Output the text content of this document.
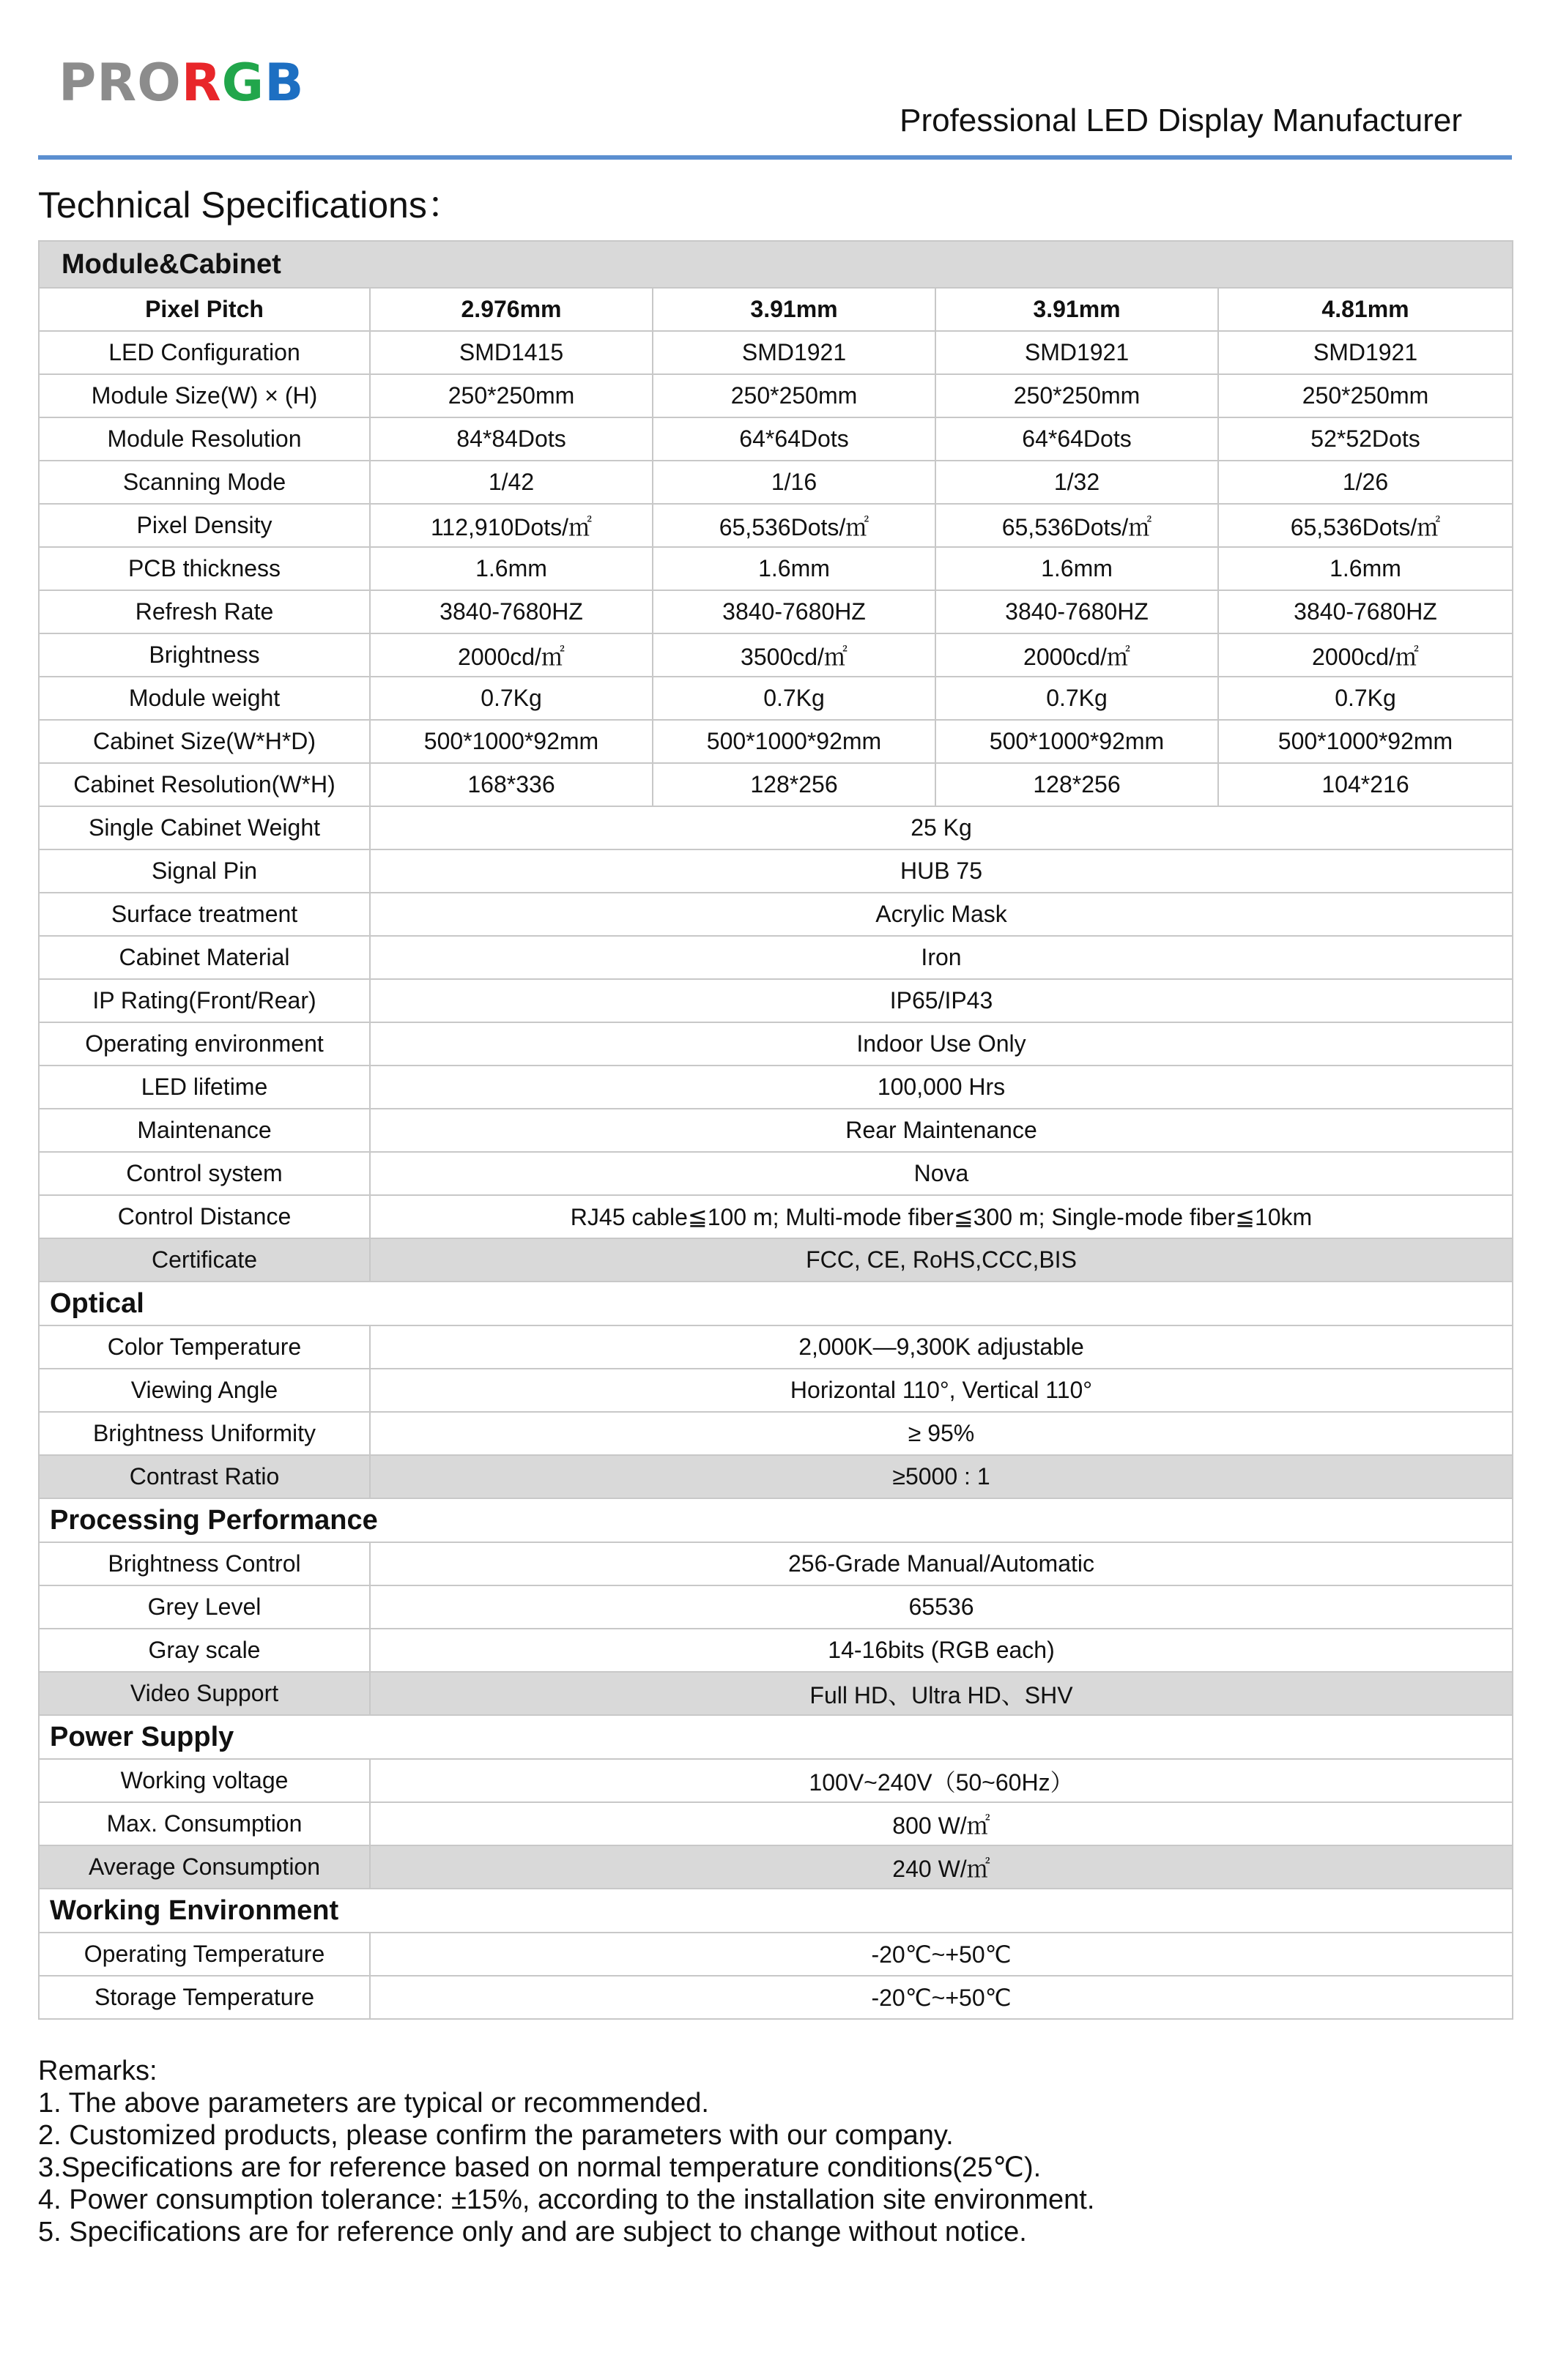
PRORGB
Professional LED Display Manufacturer
Technical Specifications：
Module&Cabinet				
Pixel Pitch	2.976mm	3.91mm	3.91mm	4.81mm
LED Configuration	SMD1415	SMD1921	SMD1921	SMD1921
Module Size(W) × (H)	250*250mm	250*250mm	250*250mm	250*250mm
Module Resolution	84*84Dots	64*64Dots	64*64Dots	52*52Dots
Scanning Mode	1/42	1/16	1/32	1/26
Pixel Density	112,910Dots/㎡	65,536Dots/㎡	65,536Dots/㎡	65,536Dots/㎡
PCB thickness	1.6mm	1.6mm	1.6mm	1.6mm
Refresh Rate	3840-7680HZ	3840-7680HZ	3840-7680HZ	3840-7680HZ
Brightness	2000cd/㎡	3500cd/㎡	2000cd/㎡	2000cd/㎡
Module weight	0.7Kg	0.7Kg	0.7Kg	0.7Kg
Cabinet Size(W*H*D)	500*1000*92mm	500*1000*92mm	500*1000*92mm	500*1000*92mm
Cabinet Resolution(W*H)	168*336	128*256	128*256	104*216
Single Cabinet Weight	25 Kg			
Signal Pin	HUB 75			
Surface treatment	Acrylic Mask			
Cabinet Material	Iron			
IP Rating(Front/Rear)	IP65/IP43			
Operating environment	Indoor Use Only			
LED lifetime	100,000 Hrs			
Maintenance	Rear Maintenance			
Control system	Nova			
Control Distance	RJ45 cable≦100 m; Multi-mode fiber≦300 m; Single-mode fiber≦10km			
Certificate	FCC, CE, RoHS,CCC,BIS			
Optical				
Color Temperature	2,000K—9,300K adjustable			
Viewing Angle	Horizontal 110°, Vertical 110°			
Brightness Uniformity	≥ 95%			
Contrast Ratio	≥5000 : 1			
Processing Performance				
Brightness Control	256-Grade Manual/Automatic			
Grey Level	65536			
Gray scale	14-16bits (RGB each)			
Video Support	Full HD、Ultra HD、SHV			
Power Supply				
Working voltage	100V~240V（50~60Hz）			
Max. Consumption	800 W/㎡			
Average Consumption	240 W/㎡			
Working Environment				
Operating Temperature	-20℃~+50℃			
Storage Temperature	-20℃~+50℃			
Remarks:
1. The above parameters are typical or recommended.
2. Customized products, please confirm the parameters with our company.
3.Specifications are for reference based on normal temperature conditions(25℃).
4. Power consumption tolerance: ±15%, according to the installation site environment.
5. Specifications are for reference only and are subject to change without notice.
